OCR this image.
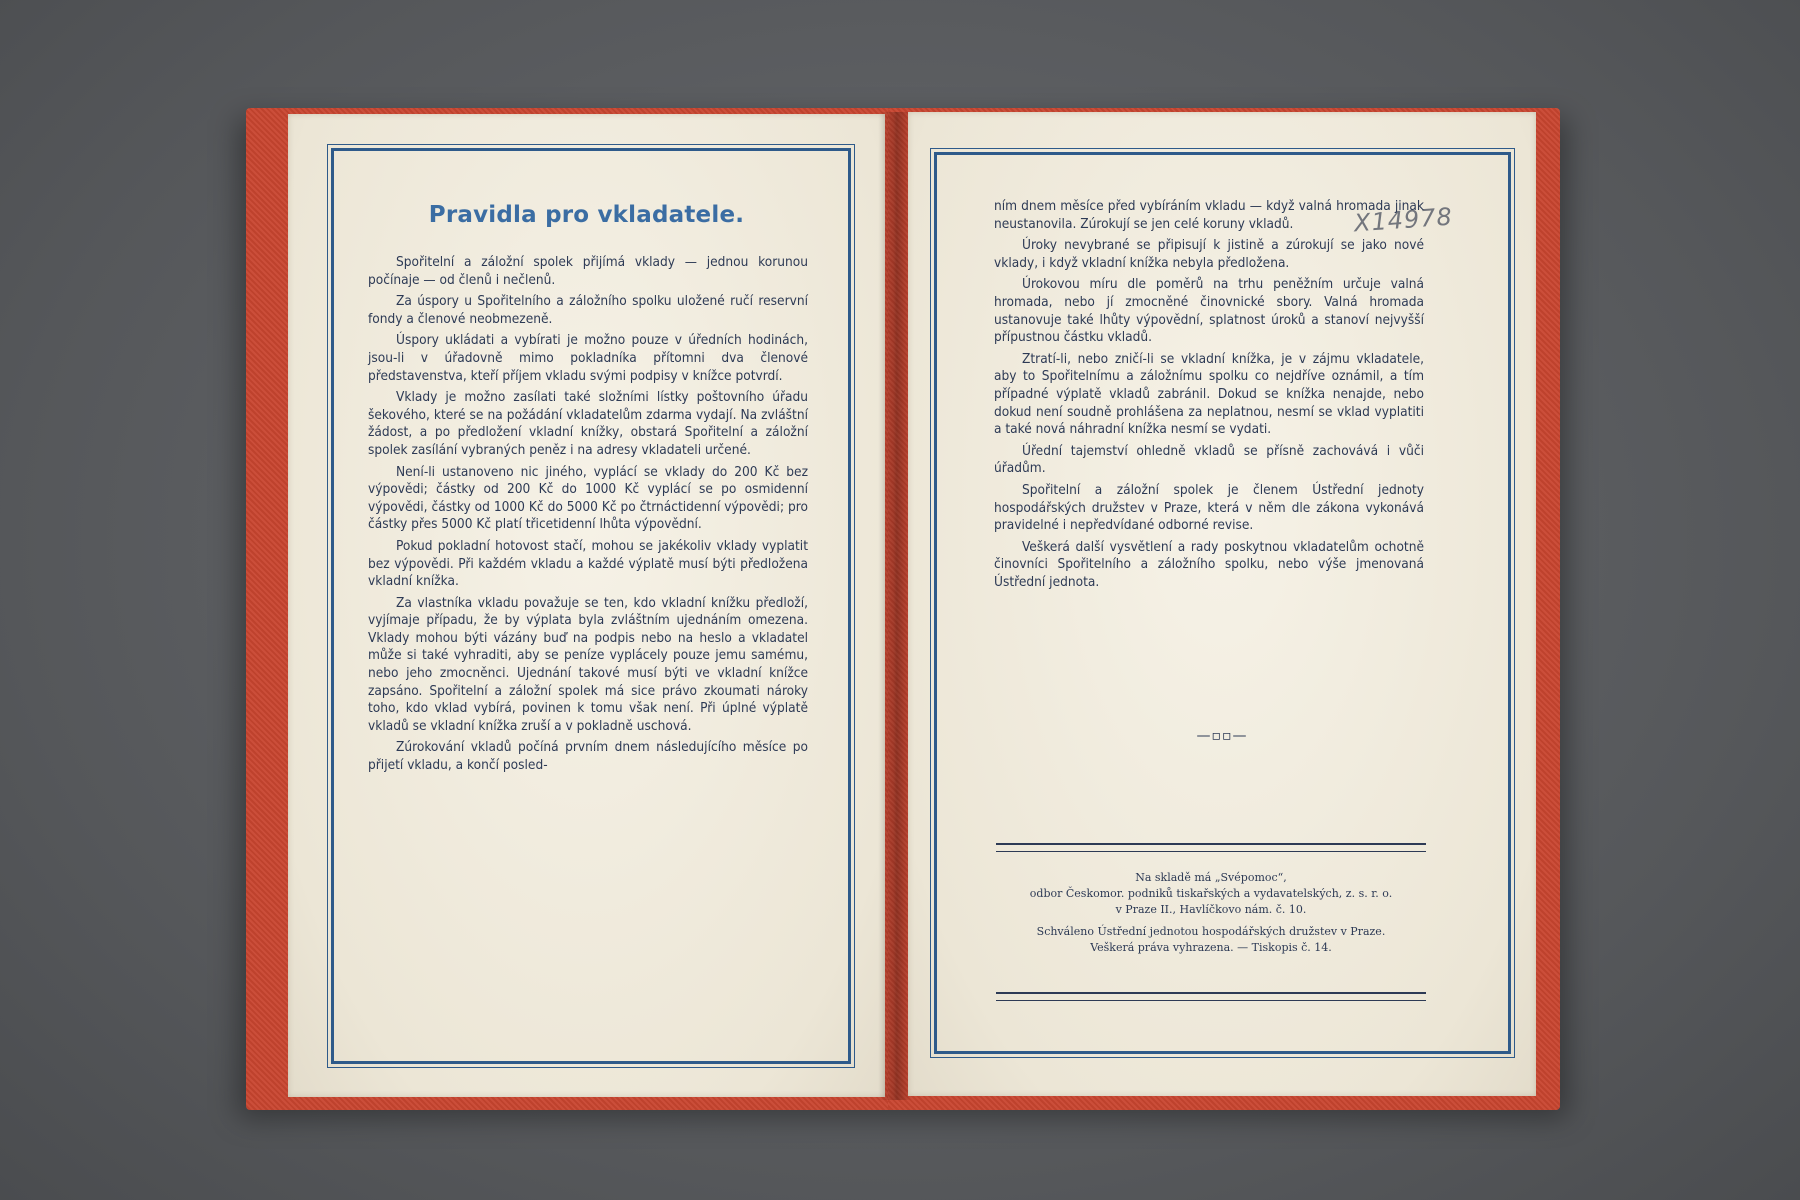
Pravidla pro vkladatele.

Spořitelní a záložní spolek přijímá vklady — jednou korunou počínaje — od členů i nečlenů.

Za úspory u Spořitelního a záložního spolku uložené ručí reservní fondy a členové neobmezeně.

Úspory ukládati a vybírati je možno pouze v úředních hodinách, jsou-li v úřadovně mimo pokladníka přítomni dva členové představenstva, kteří příjem vkladu svými podpisy v knížce potvrdí.

Vklady je možno zasílati také složními lístky poštovního úřadu šekového, které se na požádání vkladatelům zdarma vydají. Na zvláštní žádost, a po předložení vkladní knížky, obstará Spořitelní a záložní spolek zasílání vybraných peněz i na adresy vkladateli určené.

Není-li ustanoveno nic jiného, vyplácí se vklady do 200 Kč bez výpovědi; částky od 200 Kč do 1000 Kč vyplácí se po osmidenní výpovědi, částky od 1000 Kč do 5000 Kč po čtrnáctidenní výpovědi; pro částky přes 5000 Kč platí třicetidenní lhůta výpovědní.

Pokud pokladní hotovost stačí, mohou se jakékoliv vklady vyplatit bez výpovědi. Při každém vkladu a každé výplatě musí býti předložena vkladní knížka.

Za vlastníka vkladu považuje se ten, kdo vkladní knížku předloží, vyjímaje případu, že by výplata byla zvláštním ujednáním omezena. Vklady mohou býti vázány buď na podpis nebo na heslo a vkladatel může si také vyhraditi, aby se peníze vyplácely pouze jemu samému, nebo jeho zmocněnci. Ujednání takové musí býti ve vkladní knížce zapsáno. Spořitelní a záložní spolek má sice právo zkoumati nároky toho, kdo vklad vybírá, povinen k tomu však není. Při úplné výplatě vkladů se vkladní knížka zruší a v pokladně uschová.

Zúrokování vkladů počíná prvním dnem následujícího měsíce po přijetí vkladu, a končí posled-

X14978

ním dnem měsíce před vybíráním vkladu — když valná hromada jinak neustanovila. Zúrokují se jen celé koruny vkladů.

Úroky nevybrané se připisují k jistině a zúrokují se jako nové vklady, i když vkladní knížka nebyla předložena.

Úrokovou míru dle poměrů na trhu peněžním určuje valná hromada, nebo jí zmocněné činovnické sbory. Valná hromada ustanovuje také lhůty výpovědní, splatnost úroků a stanoví nejvyšší přípustnou částku vkladů.

Ztratí-li, nebo zničí-li se vkladní knížka, je v zájmu vkladatele, aby to Spořitelnímu a záložnímu spolku co nejdříve oznámil, a tím případné výplatě vkladů zabránil. Dokud se knížka nenajde, nebo dokud není soudně prohlášena za neplatnou, nesmí se vklad vyplatiti a také nová náhradní knížka nesmí se vydati.

Úřední tajemství ohledně vkladů se přísně zachovává i vůči úřadům.

Spořitelní a záložní spolek je členem Ústřední jednoty hospodářských družstev v Praze, která v něm dle zákona vykonává pravidelné i nepředvídané odborné revise.

Veškerá další vysvětlení a rady poskytnou vkladatelům ochotně činovníci Spořitelního a záložního spolku, nebo výše jmenovaná Ústřední jednota.

—▫▫—
Na skladě má „Svépomoc“,
odbor Českomor. podniků tiskařských a vydavatelských, z. s. r. o.
v Praze II., Havlíčkovo nám. č. 10.
Schváleno Ústřední jednotou hospodářských družstev v Praze.
Veškerá práva vyhrazena. — Tiskopis č. 14.
